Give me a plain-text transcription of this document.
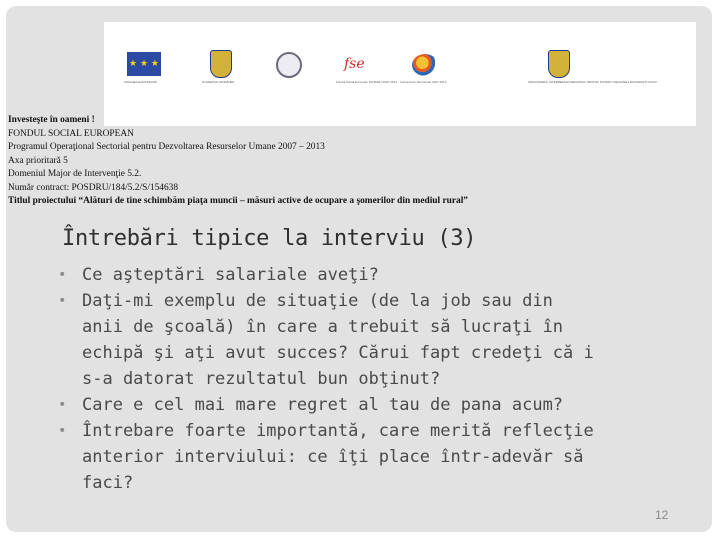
★ ★ ★
UNIUNEA EUROPEANĂ	GUVERNUL ROMÂNIEI
fse
Fondul Social European POSDRU 2007-2013 Instrumente Structurale 2007-2013	ORGANISMUL INTERMEDIAR REGIONAL PENTRU POSDRU REGIUNEA BUCUREŞTI-ILFOV
Investeşte în oameni !
FONDUL SOCIAL EUROPEAN
Programul Operaţional Sectorial pentru Dezvoltarea Resurselor Umane 2007 – 2013
Axa prioritară 5
Domeniul Major de Intervenţie 5.2.
Număr contract: POSDRU/184/5.2/S/154638
Titlul proiectului “Alături de tine schimbăm piaţa muncii – măsuri active de ocupare a şomerilor din mediul rural”
Întrebări tipice la interviu (3)
• Ce aşteptări salariale aveţi?
• Daţi-mi exemplu de situaţie (de la job sau din anii de şcoală) în care a trebuit să lucraţi în echipă şi aţi avut succes? Cărui fapt credeţi că i s-a datorat rezultatul bun obţinut?
• Care e cel mai mare regret al tau de pana acum?
• Întrebare foarte importantă, care merită reflecţie anterior interviului: ce îţi place într-adevăr să faci?
12
